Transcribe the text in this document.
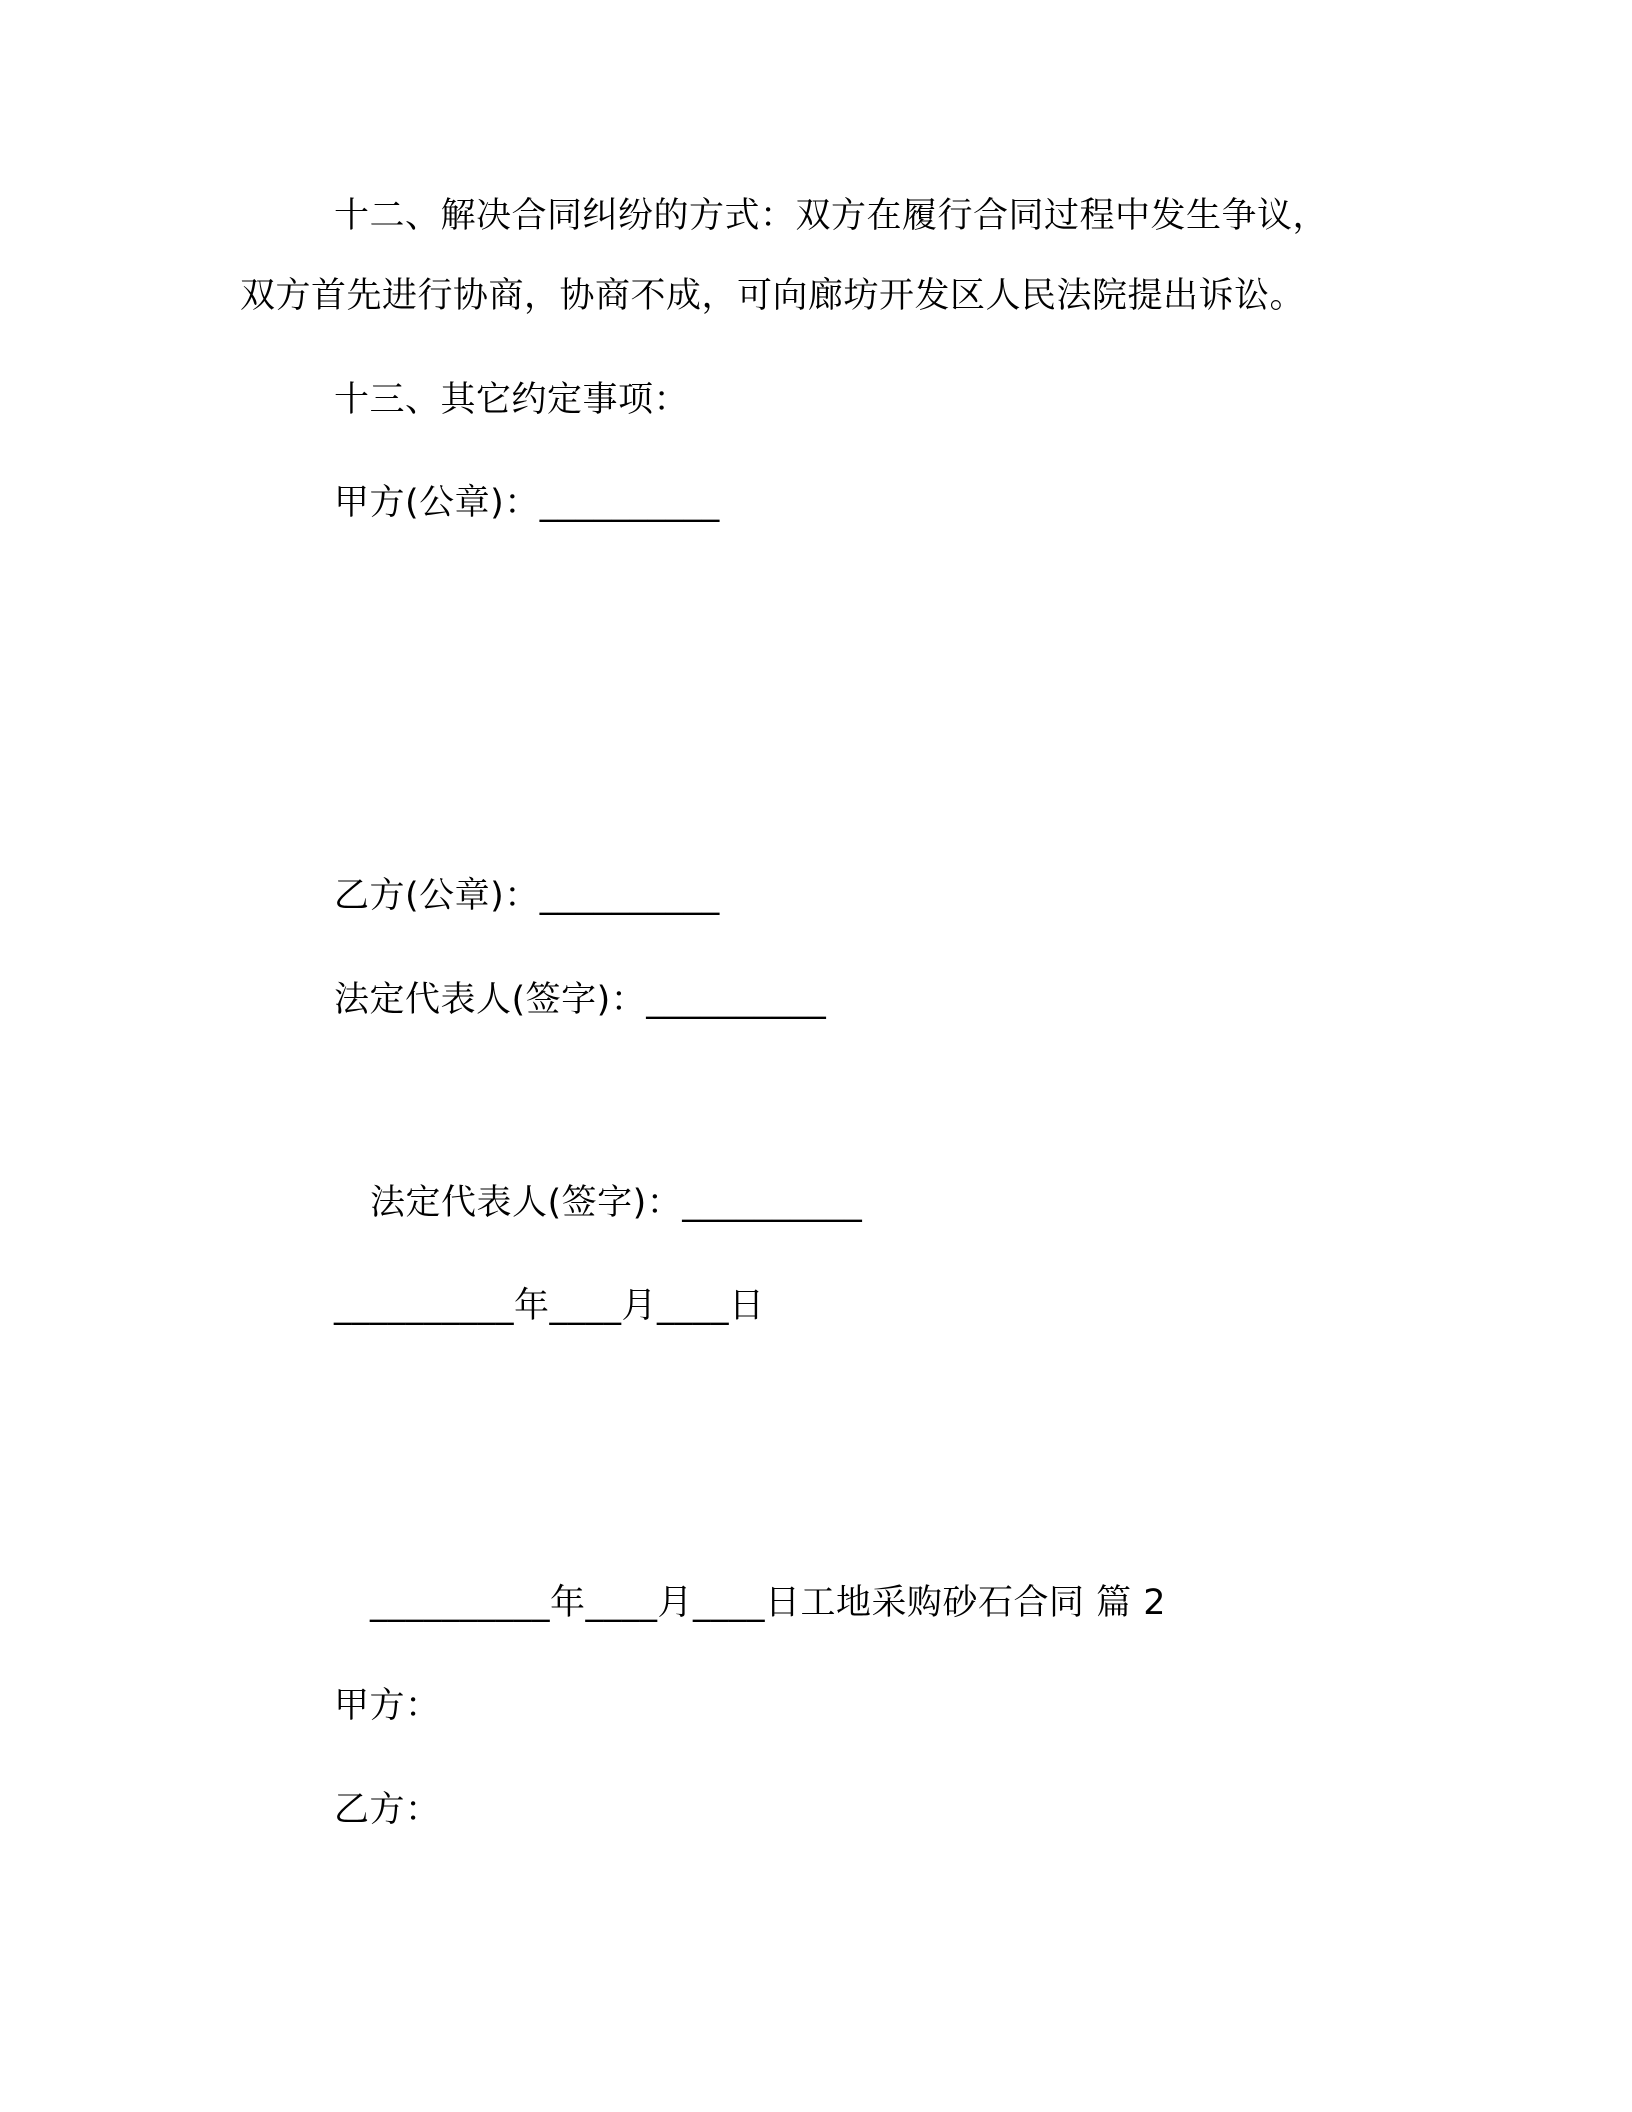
十二、解决合同纠纷的方式：双方在履行合同过程中发生争议，
双方首先进行协商，协商不成，可向廊坊开发区人民法院提出诉讼。
十三、其它约定事项：
甲方(公章)：__________
乙方(公章)：__________
法定代表人(签字)：__________
法定代表人(签字)：__________
__________年____月____日
__________年____月____日工地采购砂石合同 篇 2
甲方：
乙方：
